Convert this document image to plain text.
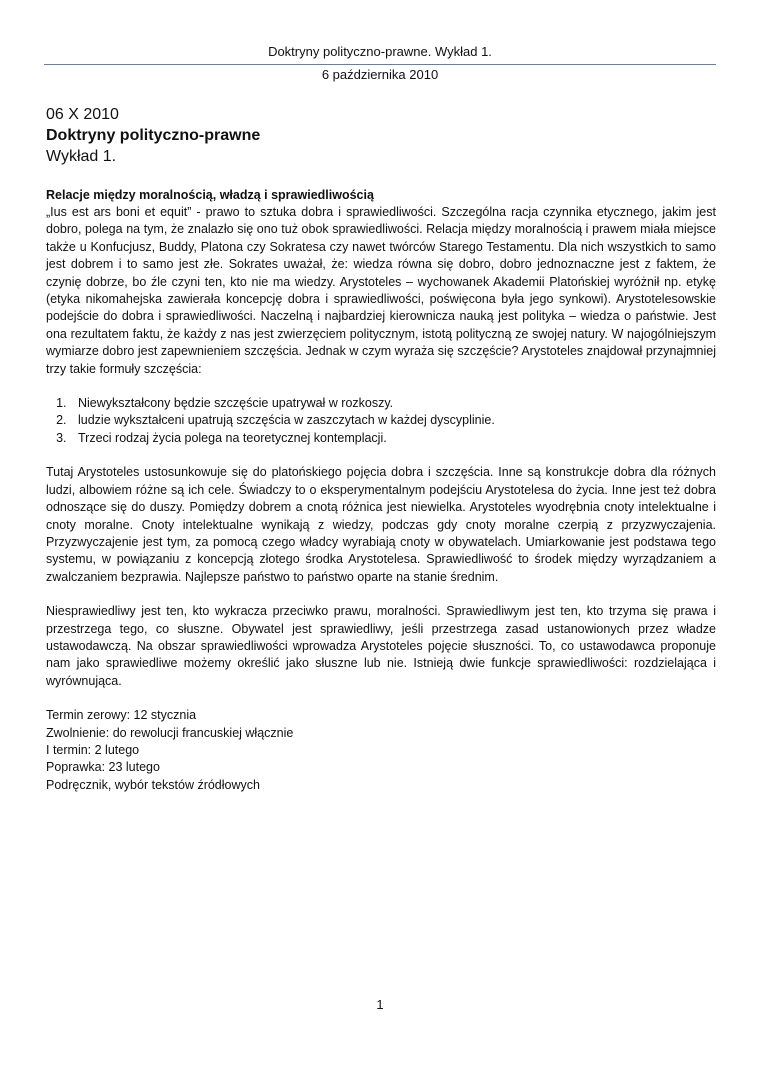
Doktryny polityczno-prawne. Wykład 1.
6 października 2010
06 X 2010
Doktryny polityczno-prawne
Wykład 1.

Relacje między moralnością, władzą i sprawiedliwością

„Ius est ars boni et equit” - prawo to sztuka dobra i sprawiedliwości. Szczególna racja czynnika etycznego, jakim jest dobro, polega na tym, że znalazło się ono tuż obok sprawiedliwości. Relacja między moralnością i prawem miała miejsce także u Konfucjusz, Buddy, Platona czy Sokratesa czy nawet twórców Starego Testamentu. Dla nich wszystkich to samo jest dobrem i to samo jest złe. Sokrates uważał, że: wiedza równa się dobro, dobro jednoznaczne jest z faktem, że czynię dobrze, bo źle czyni ten, kto nie ma wiedzy. Arystoteles – wychowanek Akademii Platońskiej wyróżnił np. etykę (etyka nikomahejska zawierała koncepcję dobra i sprawiedliwości, poświęcona była jego synkowi). Arystotelesowskie podejście do dobra i sprawiedliwości. Naczelną i najbardziej kierownicza nauką jest polityka – wiedza o państwie. Jest ona rezultatem faktu, że każdy z nas jest zwierzęciem politycznym, istotą polityczną ze swojej natury. W najogólniejszym wymiarze dobro jest zapewnieniem szczęścia. Jednak w czym wyraża się szczęście? Arystoteles znajdował przynajmniej trzy takie formuły szczęścia:

1. Niewykształcony będzie szczęście upatrywał w rozkoszy.
2. ludzie wykształceni upatrują szczęścia w zaszczytach w każdej dyscyplinie.
3. Trzeci rodzaj życia polega na teoretycznej kontemplacji.

Tutaj Arystoteles ustosunkowuje się do platońskiego pojęcia dobra i szczęścia. Inne są konstrukcje dobra dla różnych ludzi, albowiem różne są ich cele. Świadczy to o eksperymentalnym podejściu Arystotelesa do życia. Inne jest też dobra odnoszące się do duszy. Pomiędzy dobrem a cnotą różnica jest niewielka. Arystoteles wyodrębnia cnoty intelektualne i cnoty moralne. Cnoty intelektualne wynikają z wiedzy, podczas gdy cnoty moralne czerpią z przyzwyczajenia. Przyzwyczajenie jest tym, za pomocą czego władcy wyrabiają cnoty w obywatelach. Umiarkowanie jest podstawa tego systemu, w powiązaniu z koncepcją złotego środka Arystotelesa. Sprawiedliwość to środek między wyrządzaniem a zwalczaniem bezprawia. Najlepsze państwo to państwo oparte na stanie średnim.

Niesprawiedliwy jest ten, kto wykracza przeciwko prawu, moralności. Sprawiedliwym jest ten, kto trzyma się prawa i przestrzega tego, co słuszne. Obywatel jest sprawiedliwy, jeśli przestrzega zasad ustanowionych przez władze ustawodawczą. Na obszar sprawiedliwości wprowadza Arystoteles pojęcie słuszności. To, co ustawodawca proponuje nam jako sprawiedliwe możemy określić jako słuszne lub nie. Istnieją dwie funkcje sprawiedliwości: rozdzielająca i wyrównująca.

Termin zerowy: 12 stycznia

Zwolnienie: do rewolucji francuskiej włącznie

I termin: 2 lutego

Poprawka: 23 lutego

Podręcznik, wybór tekstów źródłowych

1
